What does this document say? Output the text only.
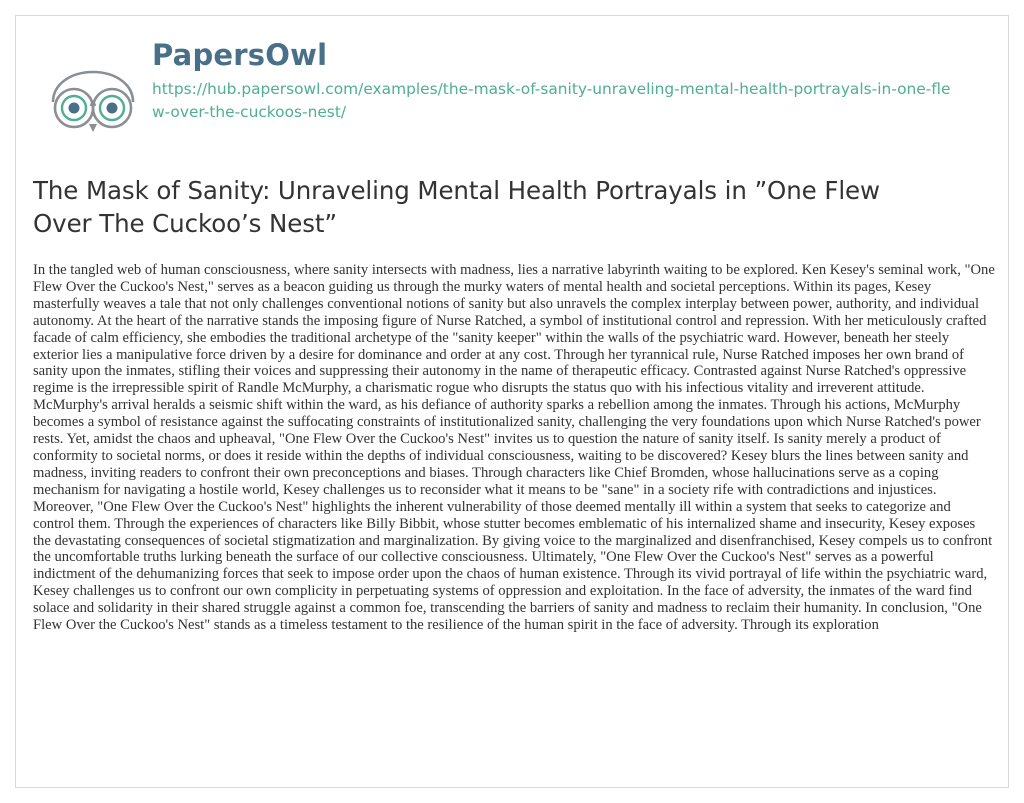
PapersOwl
https://hub.papersowl.com/examples/the-mask-of-sanity-unraveling-mental-health-portrayals-in-one-flew-over-the-cuckoos-nest/
The Mask of Sanity: Unraveling Mental Health Portrayals in ”One Flew Over The Cuckoo’s Nest”

In the tangled web of human consciousness, where sanity intersects with madness, lies a narrative labyrinth waiting to be explored. Ken Kesey's seminal work, "One Flew Over the Cuckoo's Nest," serves as a beacon guiding us through the murky waters of mental health and societal perceptions. Within its pages, Kesey masterfully weaves a tale that not only challenges conventional notions of sanity but also unravels the complex interplay between power, authority, and individual autonomy. At the heart of the narrative stands the imposing figure of Nurse Ratched, a symbol of institutional control and repression. With her meticulously crafted facade of calm efficiency, she embodies the traditional archetype of the "sanity keeper" within the walls of the psychiatric ward. However, beneath her steely exterior lies a manipulative force driven by a desire for dominance and order at any cost. Through her tyrannical rule, Nurse Ratched imposes her own brand of sanity upon the inmates, stifling their voices and suppressing their autonomy in the name of therapeutic efficacy. Contrasted against Nurse Ratched's oppressive regime is the irrepressible spirit of Randle McMurphy, a charismatic rogue who disrupts the status quo with his infectious vitality and irreverent attitude. McMurphy's arrival heralds a seismic shift within the ward, as his defiance of authority sparks a rebellion among the inmates. Through his actions, McMurphy becomes a symbol of resistance against the suffocating constraints of institutionalized sanity, challenging the very foundations upon which Nurse Ratched's power rests. Yet, amidst the chaos and upheaval, "One Flew Over the Cuckoo's Nest" invites us to question the nature of sanity itself. Is sanity merely a product of conformity to societal norms, or does it reside within the depths of individual consciousness, waiting to be discovered? Kesey blurs the lines between sanity and madness, inviting readers to confront their own preconceptions and biases. Through characters like Chief Bromden, whose hallucinations serve as a coping mechanism for navigating a hostile world, Kesey challenges us to reconsider what it means to be "sane" in a society rife with contradictions and injustices. Moreover, "One Flew Over the Cuckoo's Nest" highlights the inherent vulnerability of those deemed mentally ill within a system that seeks to categorize and control them. Through the experiences of characters like Billy Bibbit, whose stutter becomes emblematic of his internalized shame and insecurity, Kesey exposes the devastating consequences of societal stigmatization and marginalization. By giving voice to the marginalized and disenfranchised, Kesey compels us to confront the uncomfortable truths lurking beneath the surface of our collective consciousness. Ultimately, "One Flew Over the Cuckoo's Nest" serves as a powerful indictment of the dehumanizing forces that seek to impose order upon the chaos of human existence. Through its vivid portrayal of life within the psychiatric ward, Kesey challenges us to confront our own complicity in perpetuating systems of oppression and exploitation. In the face of adversity, the inmates of the ward find solace and solidarity in their shared struggle against a common foe, transcending the barriers of sanity and madness to reclaim their humanity. In conclusion, "One Flew Over the Cuckoo's Nest" stands as a timeless testament to the resilience of the human spirit in the face of adversity. Through its exploration
